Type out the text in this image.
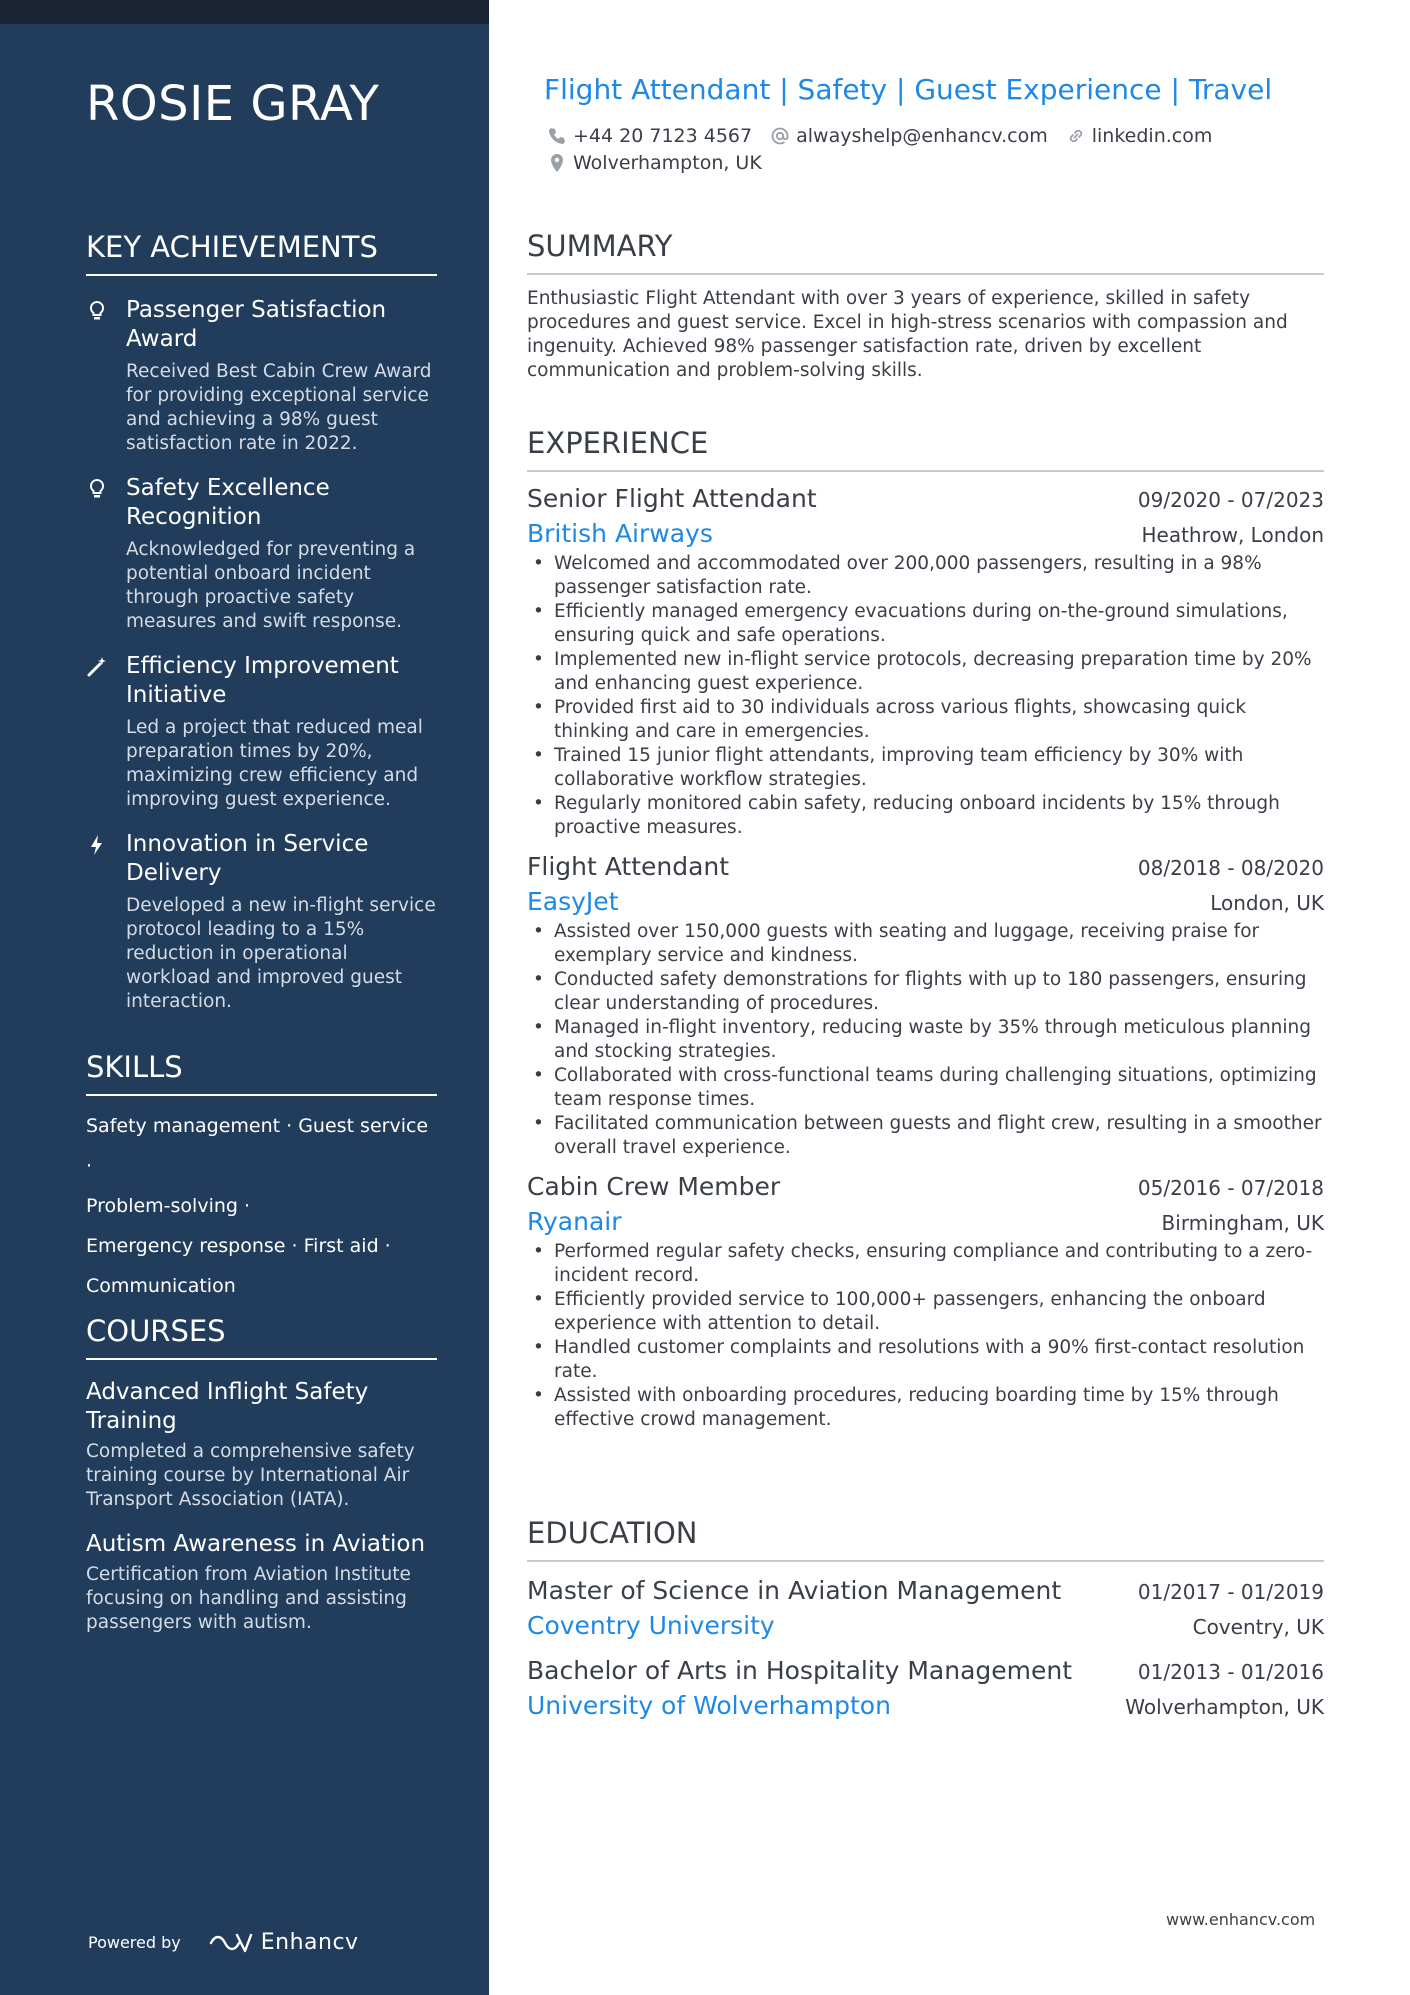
ROSIE GRAY
KEY ACHIEVEMENTS
Passenger Satisfaction Award
Received Best Cabin Crew Award for providing exceptional service and achieving a 98% guest satisfaction rate in 2022.
Safety Excellence Recognition
Acknowledged for preventing a potential onboard incident through proactive safety measures and swift response.
Efficiency Improvement Initiative
Led a project that reduced meal preparation times by 20%, maximizing crew efficiency and improving guest experience.
Innovation in Service Delivery
Developed a new in-flight service protocol leading to a 15% reduction in operational workload and improved guest interaction.
SKILLS
Safety management · Guest service ·
Problem-solving ·
Emergency response · First aid ·
Communication
COURSES
Advanced Inflight Safety Training
Completed a comprehensive safety training course by International Air Transport Association (IATA).
Autism Awareness in Aviation
Certification from Aviation Institute focusing on handling and assisting passengers with autism.
Powered by	Enhancv
Flight Attendant | Safety | Guest Experience | Travel
+44 20 7123 4567 alwayshelp@enhancv.com linkedin.com
Wolverhampton, UK
SUMMARY
Enthusiastic Flight Attendant with over 3 years of experience, skilled in safety procedures and guest service. Excel in high-stress scenarios with compassion and ingenuity. Achieved 98% passenger satisfaction rate, driven by excellent communication and problem-solving skills.
EXPERIENCE
Senior Flight Attendant	09/2020 - 07/2023
British Airways	Heathrow, London
• Welcomed and accommodated over 200,000 passengers, resulting in a 98% passenger satisfaction rate.
• Efficiently managed emergency evacuations during on-the-ground simulations, ensuring quick and safe operations.
• Implemented new in-flight service protocols, decreasing preparation time by 20% and enhancing guest experience.
• Provided first aid to 30 individuals across various flights, showcasing quick thinking and care in emergencies.
• Trained 15 junior flight attendants, improving team efficiency by 30% with collaborative workflow strategies.
• Regularly monitored cabin safety, reducing onboard incidents by 15% through proactive measures.
Flight Attendant	08/2018 - 08/2020
EasyJet	London, UK
• Assisted over 150,000 guests with seating and luggage, receiving praise for exemplary service and kindness.
• Conducted safety demonstrations for flights with up to 180 passengers, ensuring clear understanding of procedures.
• Managed in-flight inventory, reducing waste by 35% through meticulous planning and stocking strategies.
• Collaborated with cross-functional teams during challenging situations, optimizing team response times.
• Facilitated communication between guests and flight crew, resulting in a smoother overall travel experience.
Cabin Crew Member	05/2016 - 07/2018
Ryanair	Birmingham, UK
• Performed regular safety checks, ensuring compliance and contributing to a zero-incident record.
• Efficiently provided service to 100,000+ passengers, enhancing the onboard experience with attention to detail.
• Handled customer complaints and resolutions with a 90% first-contact resolution rate.
• Assisted with onboarding procedures, reducing boarding time by 15% through effective crowd management.
EDUCATION
Master of Science in Aviation Management	01/2017 - 01/2019
Coventry University	Coventry, UK
Bachelor of Arts in Hospitality Management	01/2013 - 01/2016
University of Wolverhampton	Wolverhampton, UK
www.enhancv.com
